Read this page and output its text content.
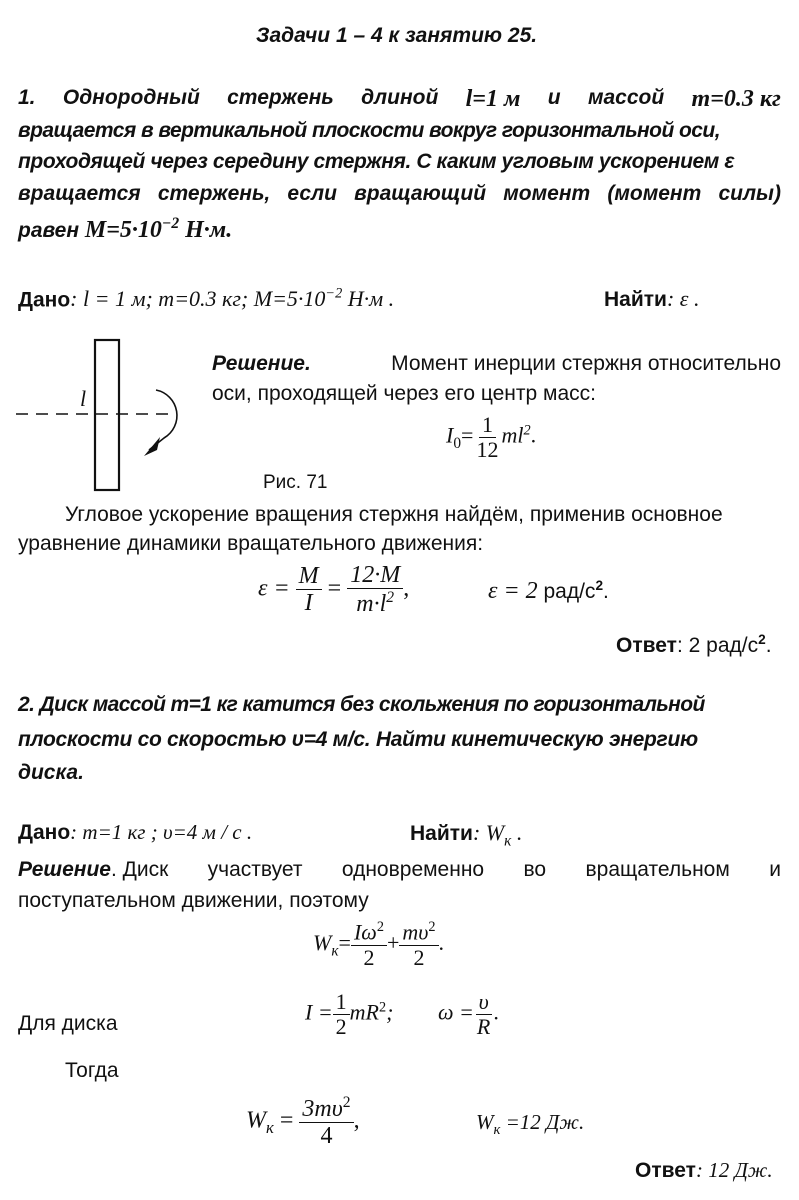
Задачи 1 – 4 к занятию 25.
1. Однородный стержень длиной l=1 м и массой m=0.3 кг
вращается в вертикальной плоскости вокруг горизонтальной оси,
проходящей через середину стержня. С каким угловым ускорением ε
вращается стержень, если вращающий момент (момент силы)
равен $M=5\cdot 10^{-2}$ Н·м.
Дано: l = 1 м; m=0.3 кг; $M=5\cdot 10^{-2}$ Н·м .	Найти: ε .
l
Рис. 71
Решение.	Момент инерции стержня относительно
оси, проходящей через его центр масс:
$I_0= \frac{1}{12} ml^2$.
Угловое ускорение вращения стержня найдём, применив основное
уравнение динамики вращательного движения:
$\varepsilon = \frac{M}{I} = \frac{12\cdot M}{m\cdot l^2}$ ,	ε = 2 рад/$с^2$.
Ответ: 2 рад/$с^2$.
2. Диск массой m=1 кг катится без скольжения по горизонтальной
плоскости со скоростью υ=4 м/с. Найти кинетическую энергию
диска.
Дано: m=1 кг ; υ=4 м / с .	Найти: $W_к$ .
Решение. Диск участвует одновременно во вращательном и
поступательном движении, поэтому
$W_к= \frac{I\omega^2}{2} + \frac{m\upsilon^2}{2}$ .
Для диска	$I = \frac{1}{2} mR^2$; $\omega = \frac{\upsilon}{R}$ .
Тогда
$W_к = \frac{3m\upsilon^2}{4}$ ,	$W_к =12$ Дж.
Ответ: 12 Дж.
